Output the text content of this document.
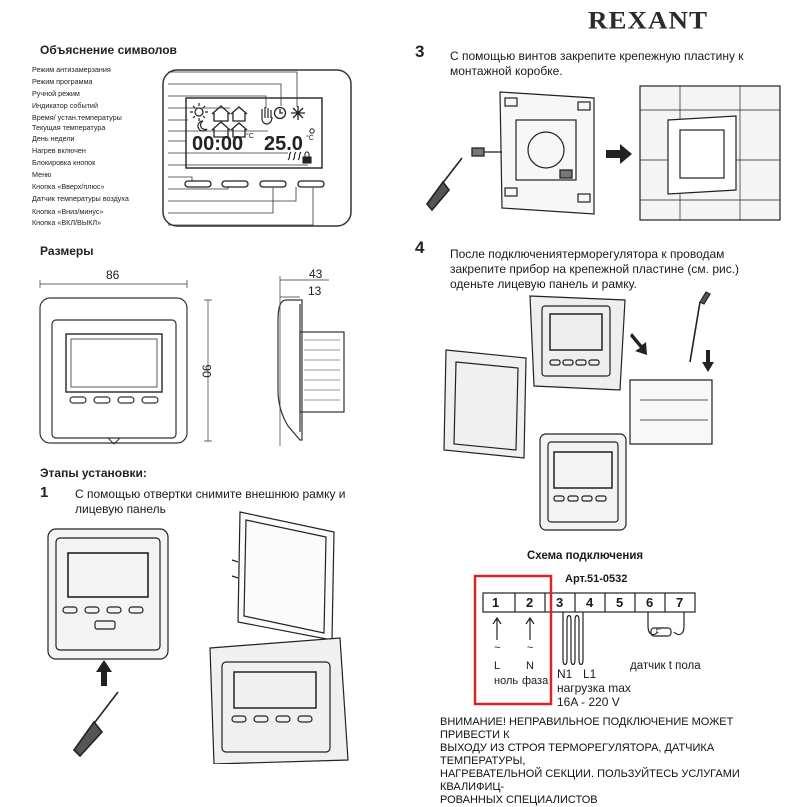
REXANT
Объяснение символов
Режим антизамерзания
Режим программа
Ручной режим
Индикатор событий
Время/ устан.температуры
Текущая температура
День недели
Нагрев включен
Блокировка кнопок
Меню
Кнопка «Вверх/плюс»
Датчик температуры воздуха
Кнопка «Вниз/минус»
Кнопка «ВКЛ/ВЫКЛ»
00:00 25.0
°C	°C
Размеры
86
90
43
13
Этапы установки:
1 С помощью отвертки снимите внешнюю рамку и
лицевую панель
3 С помощью винтов закрепите крепежную пластину к
монтажной коробке.
4 После подключениятерморегулятора к проводам
закрепите прибор на крепежной пластине (см. рис.)
оденьте лицевую панель и рамку.
Схема подключения
Арт.51-0532
1 2 3 4 5 6 7
~ ~
L N
ноль фаза N1 L1
нагрузка max
16A - 220 V
датчик t пола
t°
ВНИМАНИЕ! НЕПРАВИЛЬНОЕ ПОДКЛЮЧЕНИЕ МОЖЕТ ПРИВЕСТИ К
ВЫХОДУ ИЗ СТРОЯ ТЕРМОРЕГУЛЯТОРА, ДАТЧИКА ТЕМПЕРАТУРЫ,
НАГРЕВАТЕЛЬНОЙ СЕКЦИИ. ПОЛЬЗУЙТЕСЬ УСЛУГАМИ КВАЛИФИЦ-
РОВАННЫХ СПЕЦИАЛИСТОВ
